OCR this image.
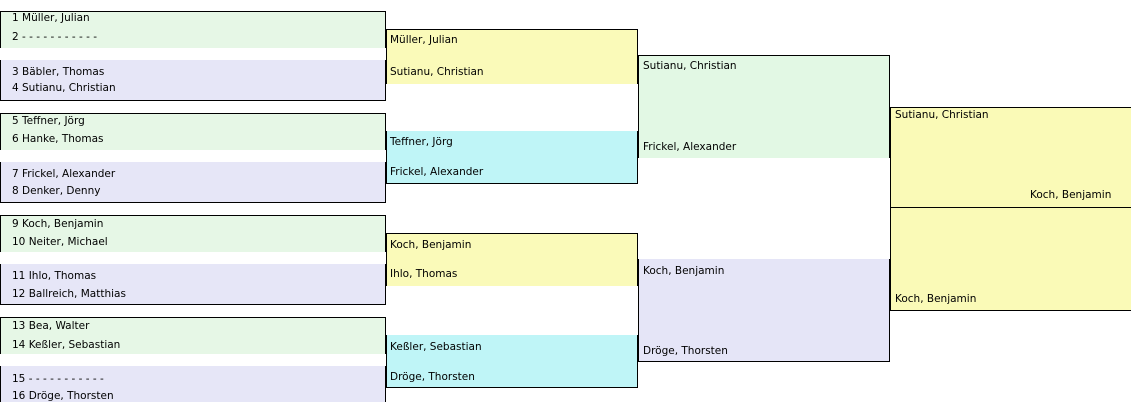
1 Müller, Julian
2 - - - - - - - - - - -
3 Bäbler, Thomas
4 Sutianu, Christian
5 Teffner, Jörg
6 Hanke, Thomas
7 Frickel, Alexander
8 Denker, Denny
9 Koch, Benjamin
10 Neiter, Michael
11 Ihlo, Thomas
12 Ballreich, Matthias
13 Bea, Walter
14 Keßler, Sebastian
15 - - - - - - - - - - -
16 Dröge, Thorsten
Müller, Julian
Sutianu, Christian
Teffner, Jörg
Frickel, Alexander
Koch, Benjamin
Ihlo, Thomas
Keßler, Sebastian
Dröge, Thorsten
Sutianu, Christian
Frickel, Alexander
Koch, Benjamin
Dröge, Thorsten
Sutianu, Christian
Koch, Benjamin
Koch, Benjamin
